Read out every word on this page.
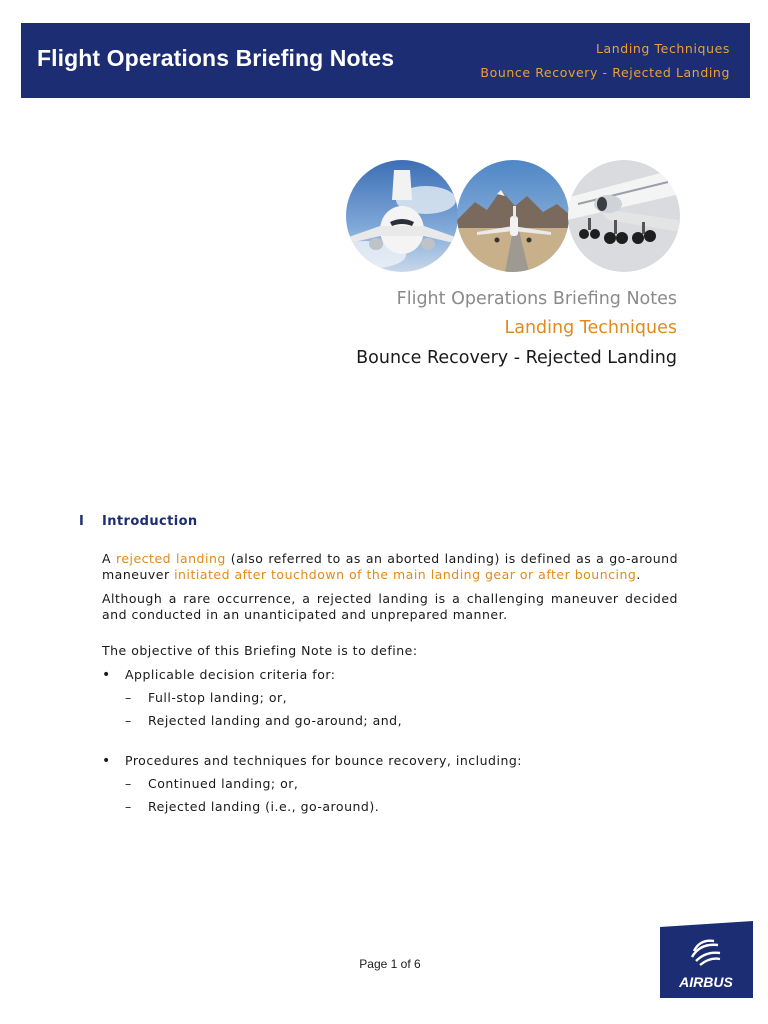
Flight Operations Briefing Notes	Landing Techniques
Bounce Recovery - Rejected Landing
Flight Operations Briefing Notes
Landing Techniques
Bounce Recovery - Rejected Landing
I Introduction
A rejected landing (also referred to as an aborted landing) is defined as a go-around maneuver initiated after touchdown of the main landing gear or after bouncing.
Although a rare occurrence, a rejected landing is a challenging maneuver decided and conducted in an unanticipated and unprepared manner.
The objective of this Briefing Note is to define:
• Applicable decision criteria for:
– Full-stop landing; or,
– Rejected landing and go-around; and,
• Procedures and techniques for bounce recovery, including:
– Continued landing; or,
– Rejected landing (i.e., go-around).
Page 1 of 6
AIRBUS
